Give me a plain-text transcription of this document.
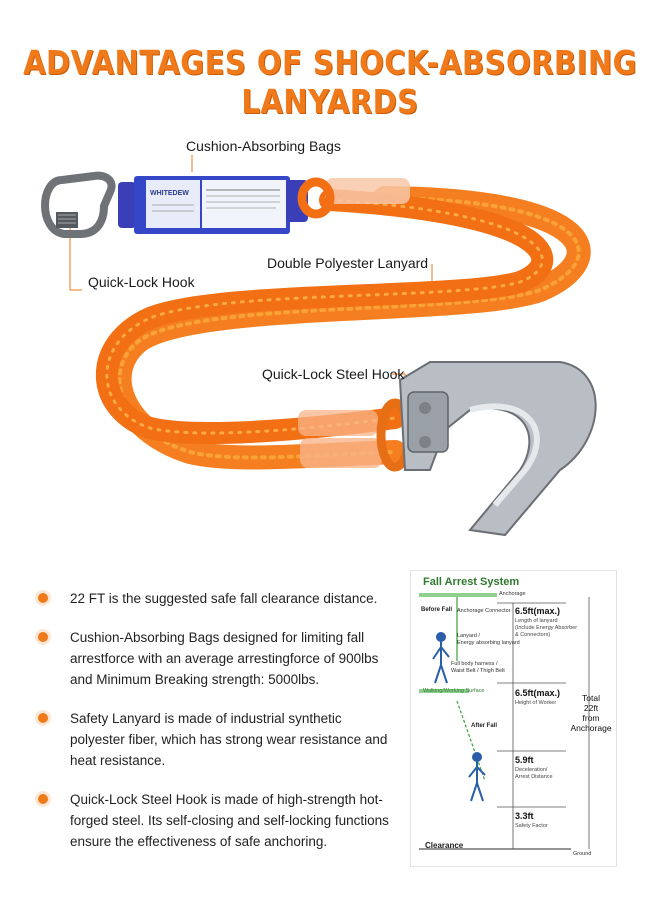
ADVANTAGES OF SHOCK-ABSORBING LANYARDS
Cushion-Absorbing Bags
Quick-Lock Hook
Double Polyester Lanyard
Quick-Lock Steel Hook
WHITEDEW
22 FT is the suggested safe fall clearance distance.
Cushion-Absorbing Bags designed for limiting fall arrestforce with an average arrestingforce of 900lbs and Minimum Breaking strength: 5000lbs.
Safety Lanyard is made of industrial synthetic polyester fiber, which has strong wear resistance and heat resistance.
Quick-Lock Steel Hook is made of high-strength hot-forged steel. Its self-closing and self-locking functions ensure the effectiveness of safe anchoring.
Fall Arrest System
Anchorage
Before Fall Anchorage Connector
Lanyard /
Energy absorbing lanyard
Full body harness /
Waist Belt / Thigh Belt
Walking/Working Surface
After Fall
6.5ft(max.)
Length of lanyard
(Include Energy Absorber
& Connectors)
6.5ft(max.)
Height of Worker
5.9ft
Deceleration/
Arrest Distance
3.3ft
Safety Factor
Total
22ft
from
Anchorage
Clearance
Ground
